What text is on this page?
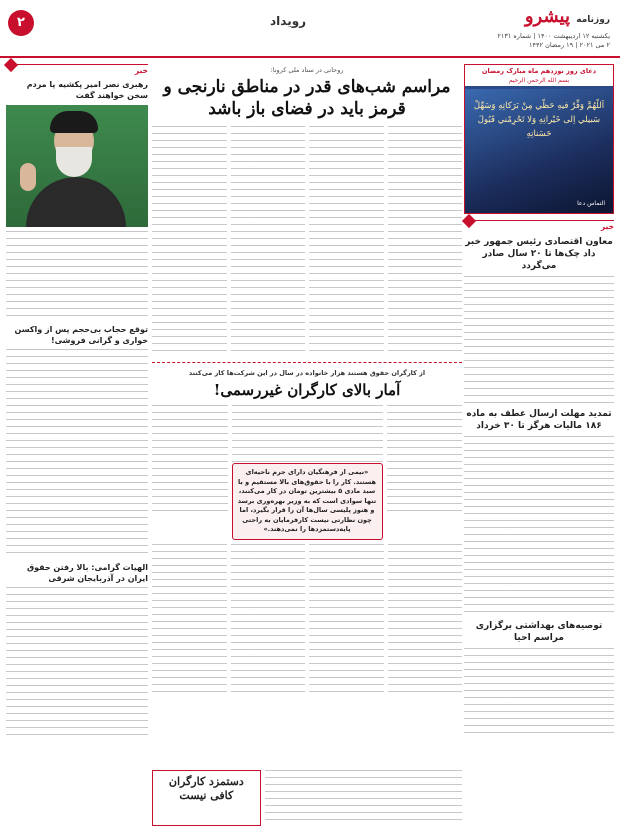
۲	رویداد	روزنامه پیشرو
یکشنبه ۱۲ اردیبهشت ۱۴۰۰ | شماره ۲۱۳۱
۲ می ۲۰۲۱ | ۱۹ رمضان ۱۴۴۲
دعای روز نوزدهم ماه مبارک رمضان
بسم الله الرحمن الرحیم
اَللّهُمَّ وَفِّرْ فيهِ حَظّي مِنْ بَرَكاتِهِ وَسَهِّلْ سَبيلي اِلى خَيْراتِهِ وَلا تَحْرِمْني قَبُولَ حَسَناتِهِ
التماس دعا
خبر
معاون اقتصادی رئیس جمهور خبر داد چک‌ها تا ۲۰ سال صادر می‌گردد
تمدید مهلت ارسال عطف به ماده ۱۸۶ مالیات هرگز تا ۳۰ خرداد
توصیه‌های بهداشتی برگزاری مراسم احیا
روحانی در ستاد ملی کرونا:
مراسم شب‌های قدر در مناطق نارنجی و قرمز باید در فضای باز باشد
از کارگران حقوق هستند هزار خانواده در سال در این شرکت‌ها کار می‌کنند
آمار بالای کارگران غیررسمی!
«نیمی از فرهنگیان دارای جرم ناحیه‌ای هستند. کار را با حقوق‌های بالا مستقیم و با سبد مادی ۵ بیشترین تومان در کار می‌کنند، تنها سوادی است که به وزیر بهره‌وری برسد و هنوز پلیسی سال‌ها آن را قرار بگیرد، اما چون نظارتی نیست کارفرمایان به راحتی پایه‌دستمزد‌ها را نمی‌دهند.»
خبر
رهبری نصر امیر پکشیه پا مردم سخن خواهند گفت
توقع حجاب بی‌حجم پس از واکسن خواری و گرانی فروشی!
الهیات گرامی: بالا رفتن حقوق ایران در آذربایجان شرقی
دستمزد کارگران کافی نیست
